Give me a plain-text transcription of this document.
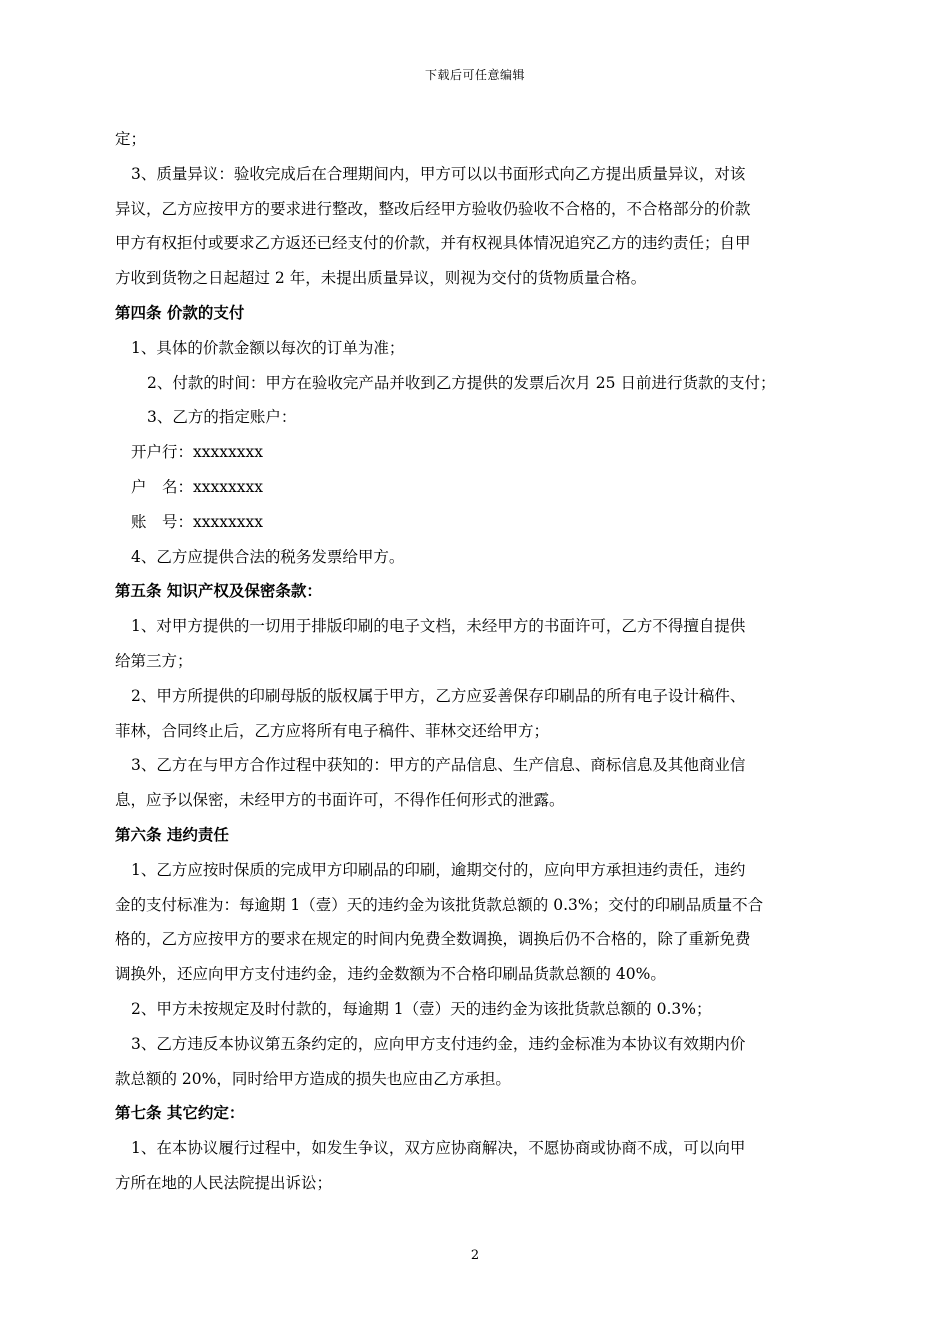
下载后可任意编辑
定；
3、质量异议：验收完成后在合理期间内，甲方可以以书面形式向乙方提出质量异议，对该
异议，乙方应按甲方的要求进行整改，整改后经甲方验收仍验收不合格的，不合格部分的价款
甲方有权拒付或要求乙方返还已经支付的价款，并有权视具体情况追究乙方的违约责任；自甲
方收到货物之日起超过 2 年，未提出质量异议，则视为交付的货物质量合格。
第四条 价款的支付
1、具体的价款金额以每次的订单为准；
2、付款的时间：甲方在验收完产品并收到乙方提供的发票后次月 25 日前进行货款的支付；
3、乙方的指定账户：
开户行：xxxxxxxx
户　名：xxxxxxxx
账　号：xxxxxxxx
4、乙方应提供合法的税务发票给甲方。
第五条 知识产权及保密条款：
1、对甲方提供的一切用于排版印刷的电子文档，未经甲方的书面许可，乙方不得擅自提供
给第三方；
2、甲方所提供的印刷母版的版权属于甲方，乙方应妥善保存印刷品的所有电子设计稿件、
菲林，合同终止后，乙方应将所有电子稿件、菲林交还给甲方；
3、乙方在与甲方合作过程中获知的：甲方的产品信息、生产信息、商标信息及其他商业信
息，应予以保密，未经甲方的书面许可，不得作任何形式的泄露。
第六条 违约责任
1、乙方应按时保质的完成甲方印刷品的印刷，逾期交付的，应向甲方承担违约责任，违约
金的支付标准为：每逾期 1（壹）天的违约金为该批货款总额的 0.3%；交付的印刷品质量不合
格的，乙方应按甲方的要求在规定的时间内免费全数调换，调换后仍不合格的，除了重新免费
调换外，还应向甲方支付违约金，违约金数额为不合格印刷品货款总额的 40%。
2、甲方未按规定及时付款的，每逾期 1（壹）天的违约金为该批货款总额的 0.3%；
3、乙方违反本协议第五条约定的，应向甲方支付违约金，违约金标准为本协议有效期内价
款总额的 20%，同时给甲方造成的损失也应由乙方承担。
第七条 其它约定：
1、在本协议履行过程中，如发生争议，双方应协商解决，不愿协商或协商不成，可以向甲
方所在地的人民法院提出诉讼；
2
